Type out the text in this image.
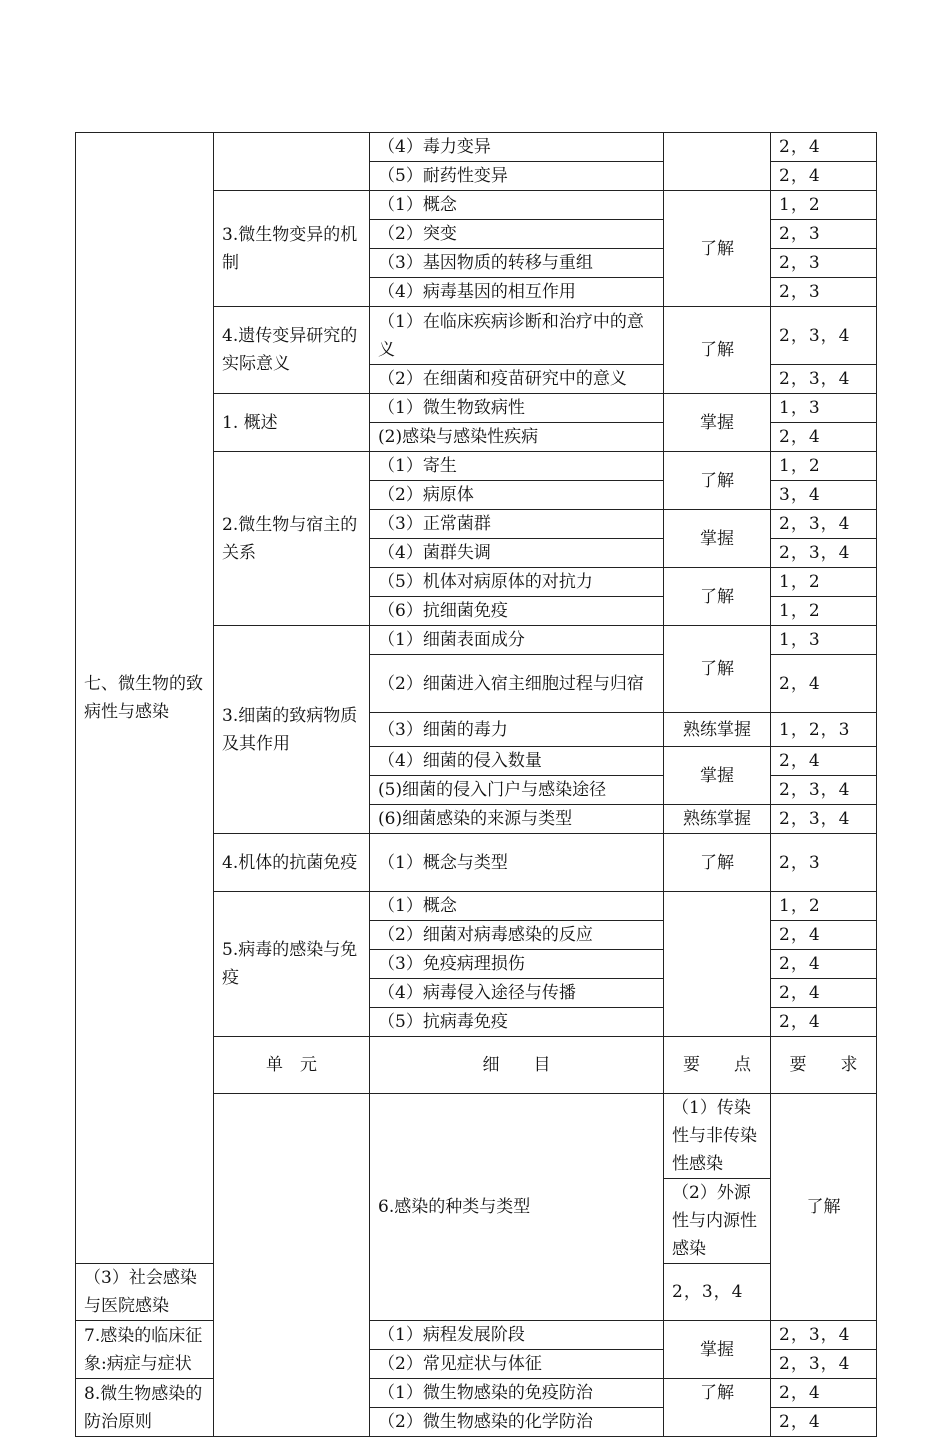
七、微生物的致病性与感染		（4）毒力变异		2，4	
		（5）耐药性变异		2，4	
	3.微生物变异的机制	（1）概念	了解	1，2	
		（2）突变		2，3	
		（3）基因物质的转移与重组		2，3	
		（4）病毒基因的相互作用		2，3	
	4.遗传变异研究的实际意义	（1）在临床疾病诊断和治疗中的意义	了解	2，3，4	
		（2）在细菌和疫苗研究中的意义		2，3，4	
	1. 概述	（1）微生物致病性	掌握	1，3	
		(2)感染与感染性疾病		2，4	
	2.微生物与宿主的关系	（1）寄生	了解	1，2	
		（2）病原体		3，4	
		（3）正常菌群	掌握	2，3，4	
		（4）菌群失调		2，3，4	
		（5）机体对病原体的对抗力	了解	1，2	
		（6）抗细菌免疫		1，2	
	3.细菌的致病物质及其作用	（1）细菌表面成分	了解	1，3	
		（2）细菌进入宿主细胞过程与归宿		2，4	
		（3）细菌的毒力	熟练掌握	1，2，3	
		（4）细菌的侵入数量	掌握	2，4	
		(5)细菌的侵入门户与感染途径		2，3，4	
		(6)细菌感染的来源与类型	熟练掌握	2，3，4	
	4.机体的抗菌免疫	（1）概念与类型	了解	2，3	
	5.病毒的感染与免疫	（1）概念		1，2	
		（2）细菌对病毒感染的反应		2，4	
		（3）免疫病理损伤		2，4	
		（4）病毒侵入途径与传播		2，4	
		（5）抗病毒免疫		2，4	
	单　元	细　　目	要　　点	要　　求	
		6.感染的种类与类型	（1）传染性与非传染性感染	了解	
			（2）外源性与内源性感染	
（3）社会感染与医院感染			2，3，4		
7.感染的临床征象:病症与症状		（1）病程发展阶段	掌握	2，3，4	
		（2）常见症状与体征		2，3，4	
8.微生物感染的防治原则		（1）微生物感染的免疫防治	了解	2，4	
		（2）微生物感染的化学防治		2，4	
